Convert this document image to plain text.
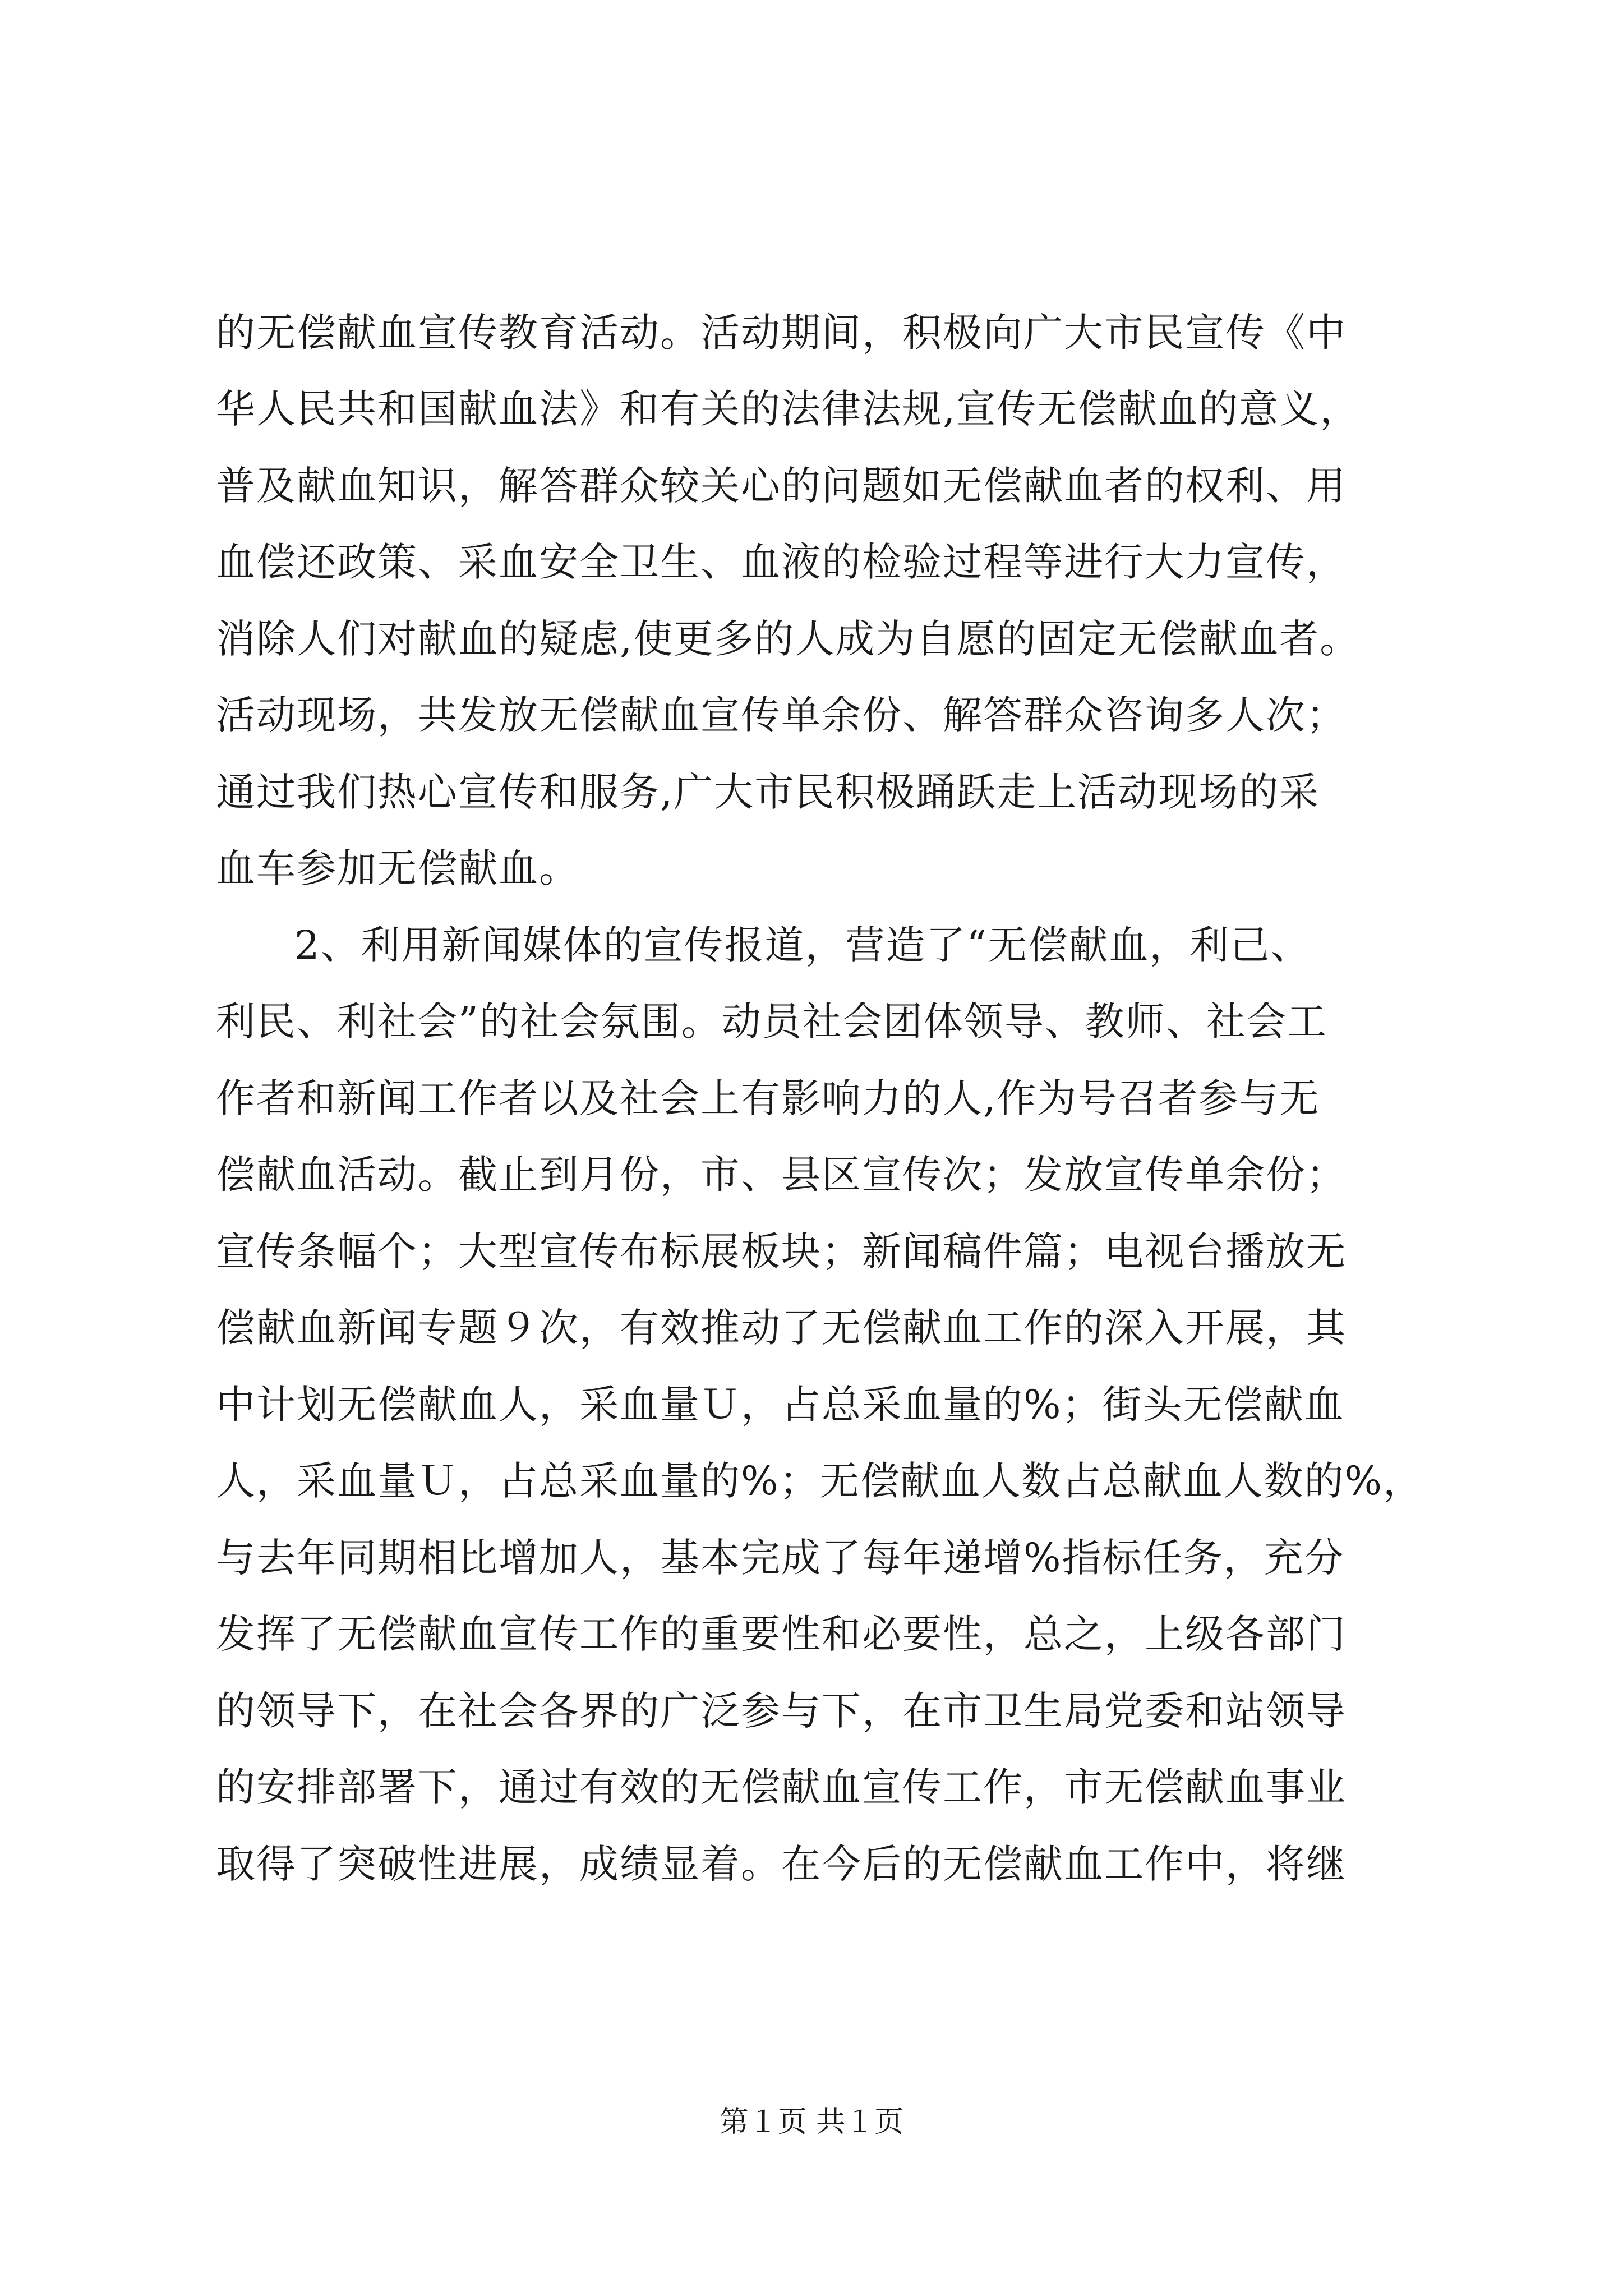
的无偿献血宣传教育活动。活动期间，积极向广大市民宣传《中
华人民共和国献血法》和有关的法律法规,宣传无偿献血的意义，
普及献血知识，解答群众较关心的问题如无偿献血者的权利、用
血偿还政策、采血安全卫生、血液的检验过程等进行大力宣传，
消除人们对献血的疑虑,使更多的人成为自愿的固定无偿献血者。
活动现场，共发放无偿献血宣传单余份、解答群众咨询多人次；
通过我们热心宣传和服务,广大市民积极踊跃走上活动现场的采
血车参加无偿献血。
2、利用新闻媒体的宣传报道，营造了“无偿献血，利己、
利民、利社会”的社会氛围。动员社会团体领导、教师、社会工
作者和新闻工作者以及社会上有影响力的人,作为号召者参与无
偿献血活动。截止到月份，市、县区宣传次；发放宣传单余份；
宣传条幅个；大型宣传布标展板块；新闻稿件篇；电视台播放无
偿献血新闻专题９次，有效推动了无偿献血工作的深入开展，其
中计划无偿献血人，采血量Ｕ，占总采血量的%；街头无偿献血
人，采血量Ｕ，占总采血量的%；无偿献血人数占总献血人数的%，
与去年同期相比增加人，基本完成了每年递增%指标任务，充分
发挥了无偿献血宣传工作的重要性和必要性，总之，上级各部门
的领导下，在社会各界的广泛参与下，在市卫生局党委和站领导
的安排部署下，通过有效的无偿献血宣传工作，市无偿献血事业
取得了突破性进展，成绩显着。在今后的无偿献血工作中，将继
第１页 共１页
